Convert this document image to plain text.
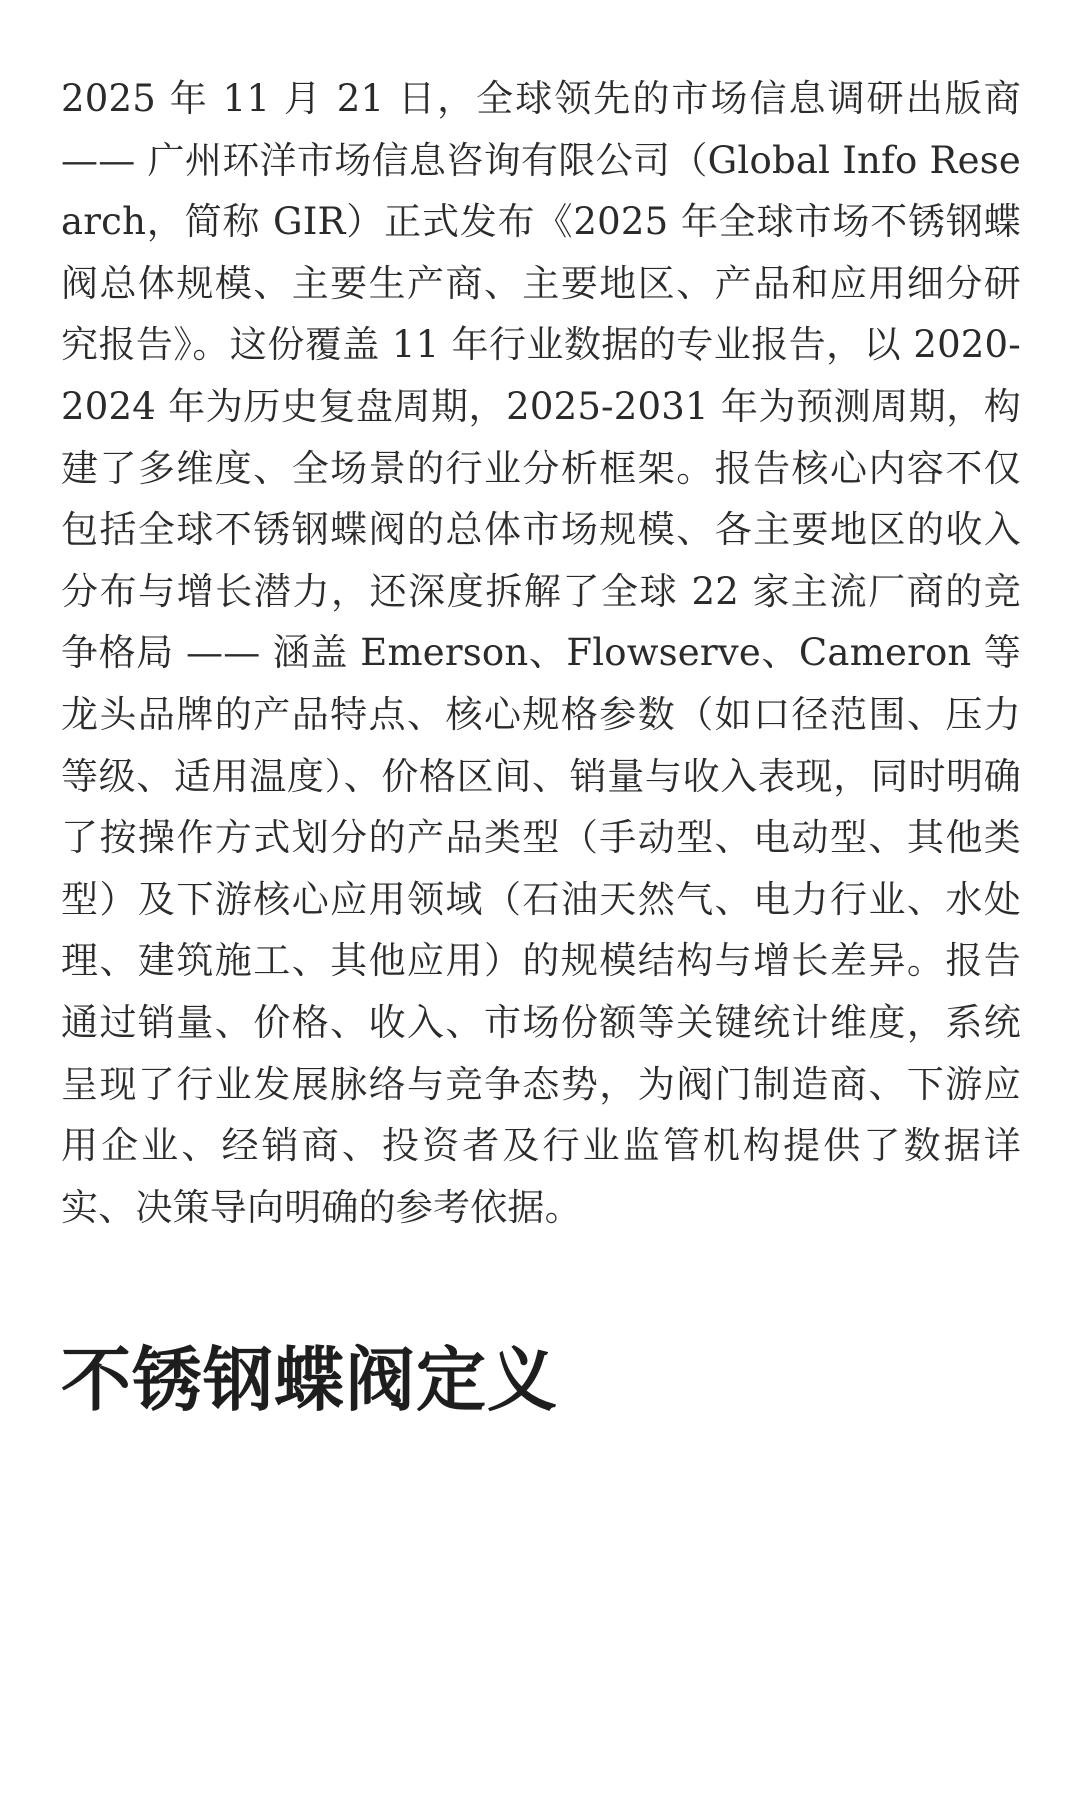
2025 年 11 月 21 日，全球领先的市场信息调研出版商 —— 广州环洋市场信息咨询有限公司（Global Info Research，简称 GIR）正式发布《2025 年全球市场不锈钢蝶阀总体规模、主要生产商、主要地区、产品和应用细分研究报告》。这份覆盖 11 年行业数据的专业报告，以 2020-2024 年为历史复盘周期，2025-2031 年为预测周期，构建了多维度、全场景的行业分析框架。报告核心内容不仅包括全球不锈钢蝶阀的总体市场规模、各主要地区的收入分布与增长潜力，还深度拆解了全球 22 家主流厂商的竞争格局 —— 涵盖 Emerson、Flowserve、Cameron 等龙头品牌的产品特点、核心规格参数（如口径范围、压力等级、适用温度）、价格区间、销量与收入表现，同时明确了按操作方式划分的产品类型（手动型、电动型、其他类型）及下游核心应用领域（石油天然气、电力行业、水处理、建筑施工、其他应用）的规模结构与增长差异。报告通过销量、价格、收入、市场份额等关键统计维度，系统呈现了行业发展脉络与竞争态势，为阀门制造商、下游应用企业、经销商、投资者及行业监管机构提供了数据详实、决策导向明确的参考依据。

不锈钢蝶阀定义
